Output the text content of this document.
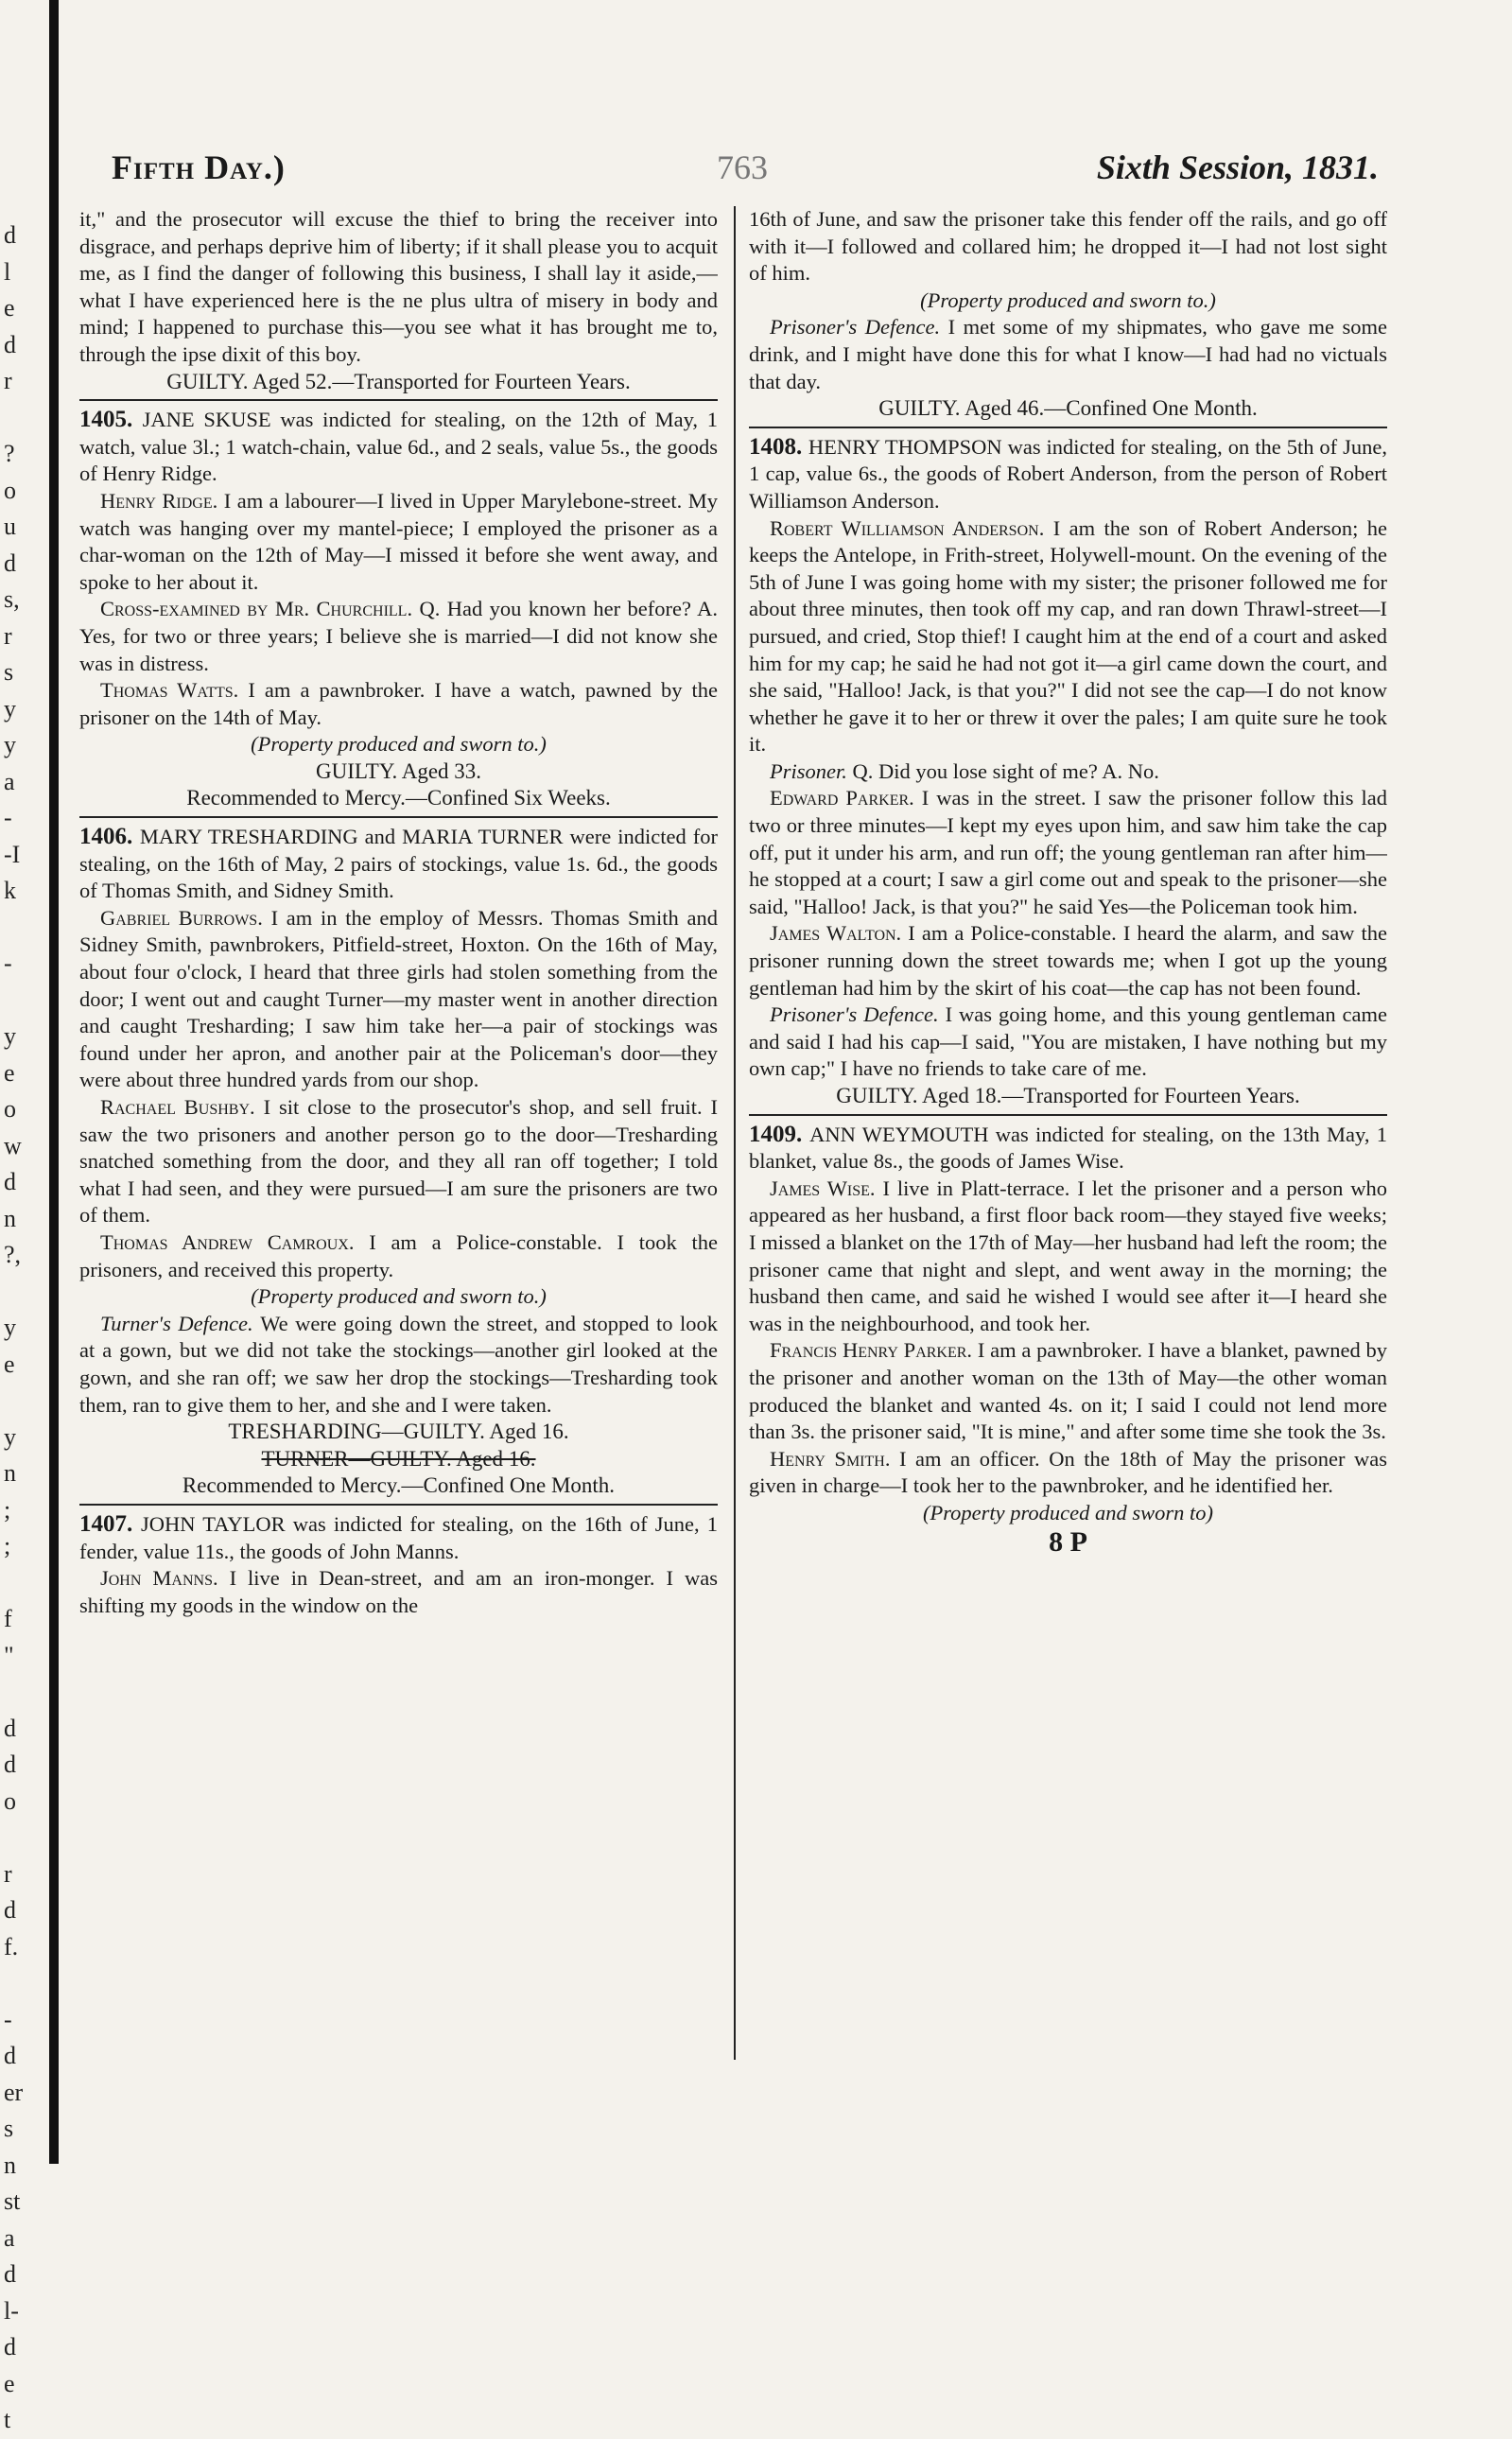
d
l
e
d
r
?
o
u
d
s,
r
s
y
y
a
-
-I
k
-
y
e
o
w
d
n
?,
y
e
y
n
;
;
f
"
d
d
o
r
d
f.
-
d
er
s
n
st
a
d
l-
d
e
t
Fifth Day.)	763	Sixth Session, 1831.

it," and the prosecutor will excuse the thief to bring the receiver into disgrace, and perhaps deprive him of liberty; if it shall please you to acquit me, as I find the danger of following this business, I shall lay it aside,—what I have experienced here is the ne plus ultra of misery in body and mind; I happened to purchase this—you see what it has brought me to, through the ipse dixit of this boy.

GUILTY. Aged 52.—Transported for Fourteen Years.

1405. JANE SKUSE was indicted for stealing, on the 12th of May, 1 watch, value 3l.; 1 watch-chain, value 6d., and 2 seals, value 5s., the goods of Henry Ridge.

Henry Ridge. I am a labourer—I lived in Upper Marylebone-street. My watch was hanging over my mantel-piece; I employed the prisoner as a char-woman on the 12th of May—I missed it before she went away, and spoke to her about it.

Cross-examined by Mr. Churchill. Q. Had you known her before? A. Yes, for two or three years; I believe she is married—I did not know she was in distress.

Thomas Watts. I am a pawnbroker. I have a watch, pawned by the prisoner on the 14th of May.

(Property produced and sworn to.)

GUILTY. Aged 33.

Recommended to Mercy.—Confined Six Weeks.

1406. MARY TRESHARDING and MARIA TURNER were indicted for stealing, on the 16th of May, 2 pairs of stockings, value 1s. 6d., the goods of Thomas Smith, and Sidney Smith.

Gabriel Burrows. I am in the employ of Messrs. Thomas Smith and Sidney Smith, pawnbrokers, Pitfield-street, Hoxton. On the 16th of May, about four o'clock, I heard that three girls had stolen something from the door; I went out and caught Turner—my master went in another direction and caught Tresharding; I saw him take her—a pair of stockings was found under her apron, and another pair at the Policeman's door—they were about three hundred yards from our shop.

Rachael Bushby. I sit close to the prosecutor's shop, and sell fruit. I saw the two prisoners and another person go to the door—Tresharding snatched something from the door, and they all ran off together; I told what I had seen, and they were pursued—I am sure the prisoners are two of them.

Thomas Andrew Camroux. I am a Police-constable. I took the prisoners, and received this property.

(Property produced and sworn to.)

Turner's Defence. We were going down the street, and stopped to look at a gown, but we did not take the stockings—another girl looked at the gown, and she ran off; we saw her drop the stockings—Tresharding took them, ran to give them to her, and she and I were taken.

TRESHARDING—GUILTY. Aged 16.

TURNER—GUILTY. Aged 16.

Recommended to Mercy.—Confined One Month.

1407. JOHN TAYLOR was indicted for stealing, on the 16th of June, 1 fender, value 11s., the goods of John Manns.

John Manns. I live in Dean-street, and am an iron-monger. I was shifting my goods in the window on the

16th of June, and saw the prisoner take this fender off the rails, and go off with it—I followed and collared him; he dropped it—I had not lost sight of him.

(Property produced and sworn to.)

Prisoner's Defence. I met some of my shipmates, who gave me some drink, and I might have done this for what I know—I had had no victuals that day.

GUILTY. Aged 46.—Confined One Month.

1408. HENRY THOMPSON was indicted for stealing, on the 5th of June, 1 cap, value 6s., the goods of Robert Anderson, from the person of Robert Williamson Anderson.

Robert Williamson Anderson. I am the son of Robert Anderson; he keeps the Antelope, in Frith-street, Holywell-mount. On the evening of the 5th of June I was going home with my sister; the prisoner followed me for about three minutes, then took off my cap, and ran down Thrawl-street—I pursued, and cried, Stop thief! I caught him at the end of a court and asked him for my cap; he said he had not got it—a girl came down the court, and she said, "Halloo! Jack, is that you?" I did not see the cap—I do not know whether he gave it to her or threw it over the pales; I am quite sure he took it.

Prisoner. Q. Did you lose sight of me? A. No.

Edward Parker. I was in the street. I saw the prisoner follow this lad two or three minutes—I kept my eyes upon him, and saw him take the cap off, put it under his arm, and run off; the young gentleman ran after him—he stopped at a court; I saw a girl come out and speak to the prisoner—she said, "Halloo! Jack, is that you?" he said Yes—the Policeman took him.

James Walton. I am a Police-constable. I heard the alarm, and saw the prisoner running down the street towards me; when I got up the young gentleman had him by the skirt of his coat—the cap has not been found.

Prisoner's Defence. I was going home, and this young gentleman came and said I had his cap—I said, "You are mistaken, I have nothing but my own cap;" I have no friends to take care of me.

GUILTY. Aged 18.—Transported for Fourteen Years.

1409. ANN WEYMOUTH was indicted for stealing, on the 13th May, 1 blanket, value 8s., the goods of James Wise.

James Wise. I live in Platt-terrace. I let the prisoner and a person who appeared as her husband, a first floor back room—they stayed five weeks; I missed a blanket on the 17th of May—her husband had left the room; the prisoner came that night and slept, and went away in the morning; the husband then came, and said he wished I would see after it—I heard she was in the neighbourhood, and took her.

Francis Henry Parker. I am a pawnbroker. I have a blanket, pawned by the prisoner and another woman on the 13th of May—the other woman produced the blanket and wanted 4s. on it; I said I could not lend more than 3s. the prisoner said, "It is mine," and after some time she took the 3s.

Henry Smith. I am an officer. On the 18th of May the prisoner was given in charge—I took her to the pawnbroker, and he identified her.

(Property produced and sworn to)

8 P
